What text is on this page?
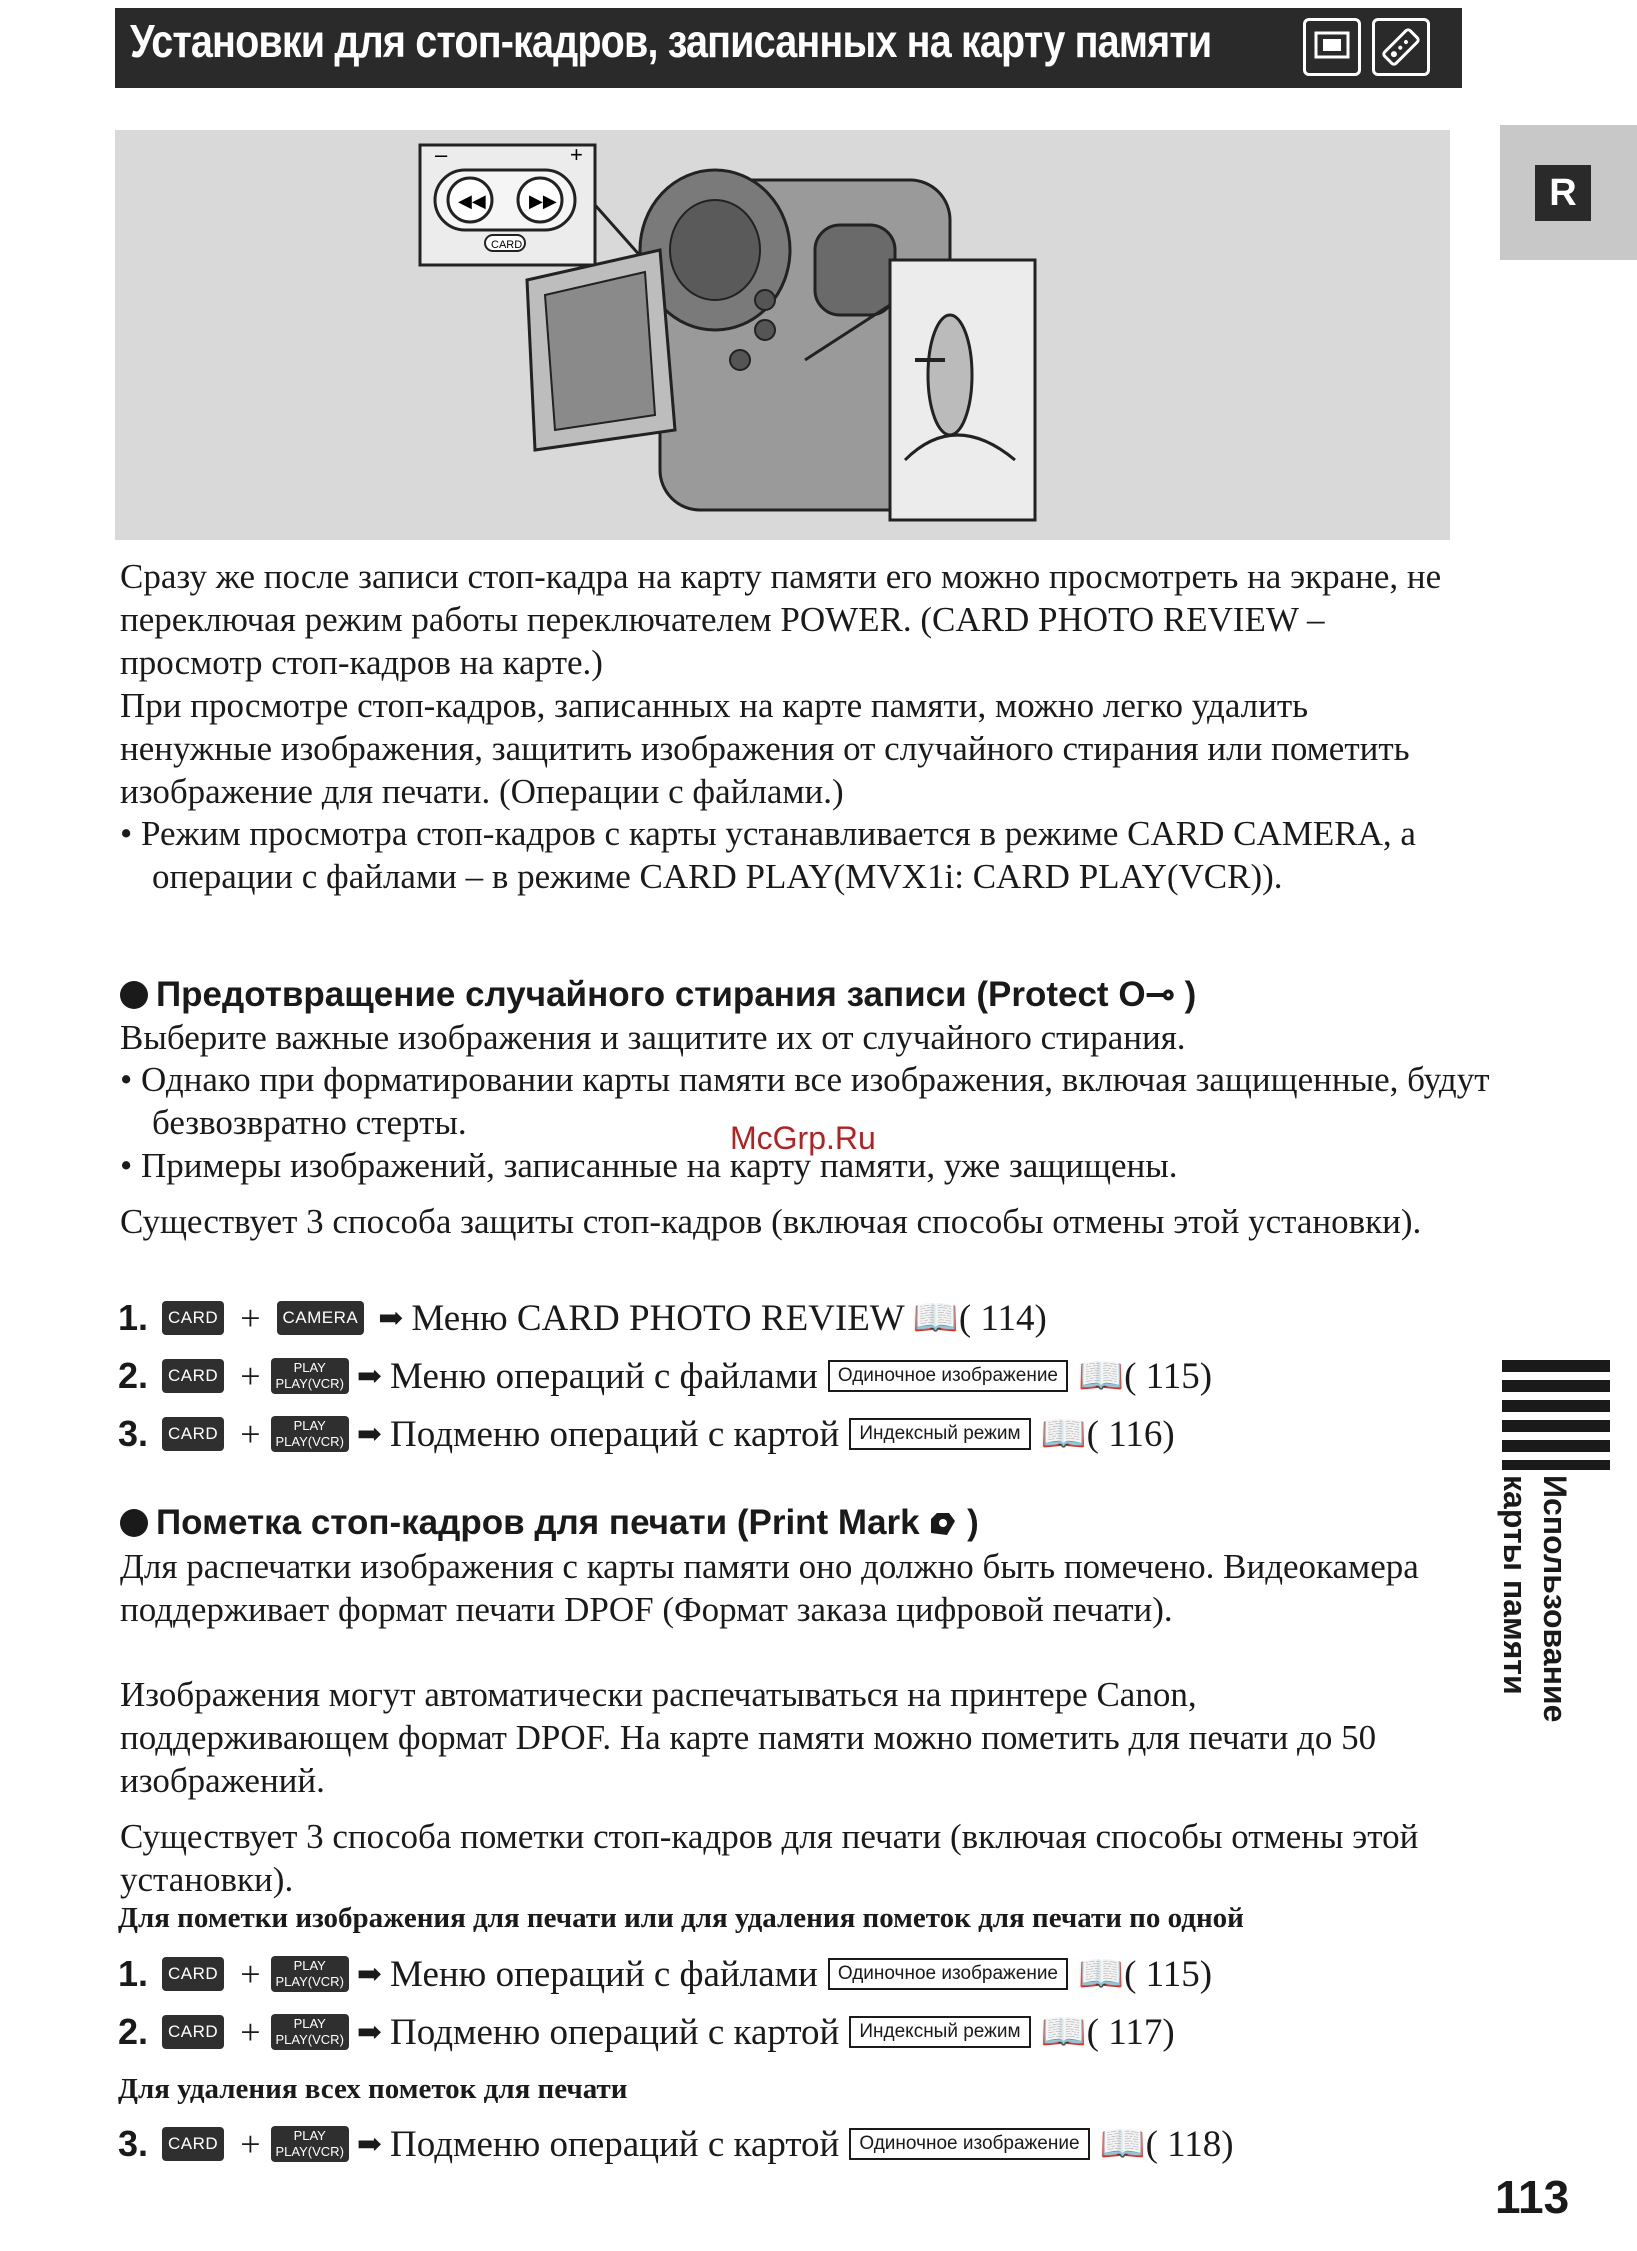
Установки для стоп-кадров, записанных на карту памяти
R
Использование
карты памяти
–	+
◀◀ ▶▶
CARD
Сразу же после записи стоп-кадра на карту памяти его можно просмотреть на экране, не переключая режим работы переключателем POWER. (CARD PHOTO REVIEW – просмотр стоп-кадров на карте.)
При просмотре стоп-кадров, записанных на карте памяти, можно легко удалить ненужные изображения, защитить изображения от случайного стирания или пометить изображение для печати. (Операции с файлами.)
• Режим просмотра стоп-кадров с карты устанавливается в режиме CARD CAMERA, а операции с файлами – в режиме CARD PLAY(MVX1i: CARD PLAY(VCR)).
McGrp.Ru
Предотвращение случайного стирания записи (Protect O⊸ )
Выберите важные изображения и защитите их от случайного стирания.
• Однако при форматировании карты памяти все изображения, включая защищенные, будут безвозвратно стерты.
• Примеры изображений, записанные на карту памяти, уже защищены.
Существует 3 способа защиты стоп-кадров (включая способы отмены этой установки).
1.	CARD +	CAMERA ➡ Меню CARD PHOTO REVIEW 📖( 114)
2.	CARD +	PLAY
PLAY(VCR) ➡ Меню операций с файлами	Одиночное изображение 📖( 115)
3.	CARD +	PLAY
PLAY(VCR) ➡ Подменю операций с картой	Индексный режим 📖( 116)
Пометка стоп-кадров для печати (Print Mark )
Для распечатки изображения с карты памяти оно должно быть помечено. Видеокамера поддерживает формат печати DPOF (Формат заказа цифровой печати).
Изображения могут автоматически распечатываться на принтере Canon, поддерживающем формат DPOF. На карте памяти можно пометить для печати до 50 изображений.
Существует 3 способа пометки стоп-кадров для печати (включая способы отмены этой установки).
Для пометки изображения для печати или для удаления пометок для печати по одной
1.	CARD +	PLAY
PLAY(VCR) ➡ Меню операций с файлами	Одиночное изображение 📖( 115)
2.	CARD +	PLAY
PLAY(VCR) ➡ Подменю операций с картой	Индексный режим 📖( 117)
Для удаления всех пометок для печати
3.	CARD +	PLAY
PLAY(VCR) ➡ Подменю операций с картой	Одиночное изображение 📖( 118)
113
